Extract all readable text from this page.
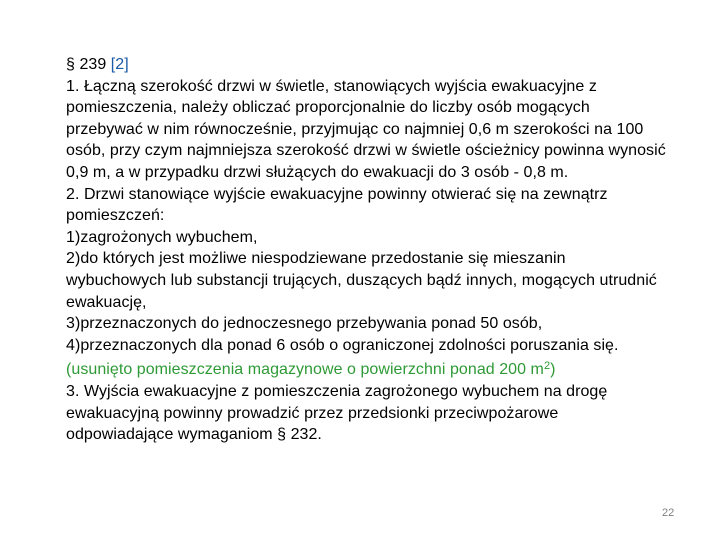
§ 239 [2]

1. Łączną szerokość drzwi w świetle, stanowiących wyjścia ewakuacyjne z pomieszczenia, należy obliczać proporcjonalnie do liczby osób mogących przebywać w nim równocześnie, przyjmując co najmniej 0,6 m szerokości na 100 osób, przy czym najmniejsza szerokość drzwi w świetle ościeżnicy powinna wynosić 0,9 m, a w przypadku drzwi służących do ewakuacji do 3 osób - 0,8 m.

2. Drzwi stanowiące wyjście ewakuacyjne powinny otwierać się na zewnątrz pomieszczeń:

1)zagrożonych wybuchem,

2)do których jest możliwe niespodziewane przedostanie się mieszanin wybuchowych lub substancji trujących, duszących bądź innych, mogących utrudnić ewakuację,

3)przeznaczonych do jednoczesnego przebywania ponad 50 osób,

4)przeznaczonych dla ponad 6 osób o ograniczonej zdolności poruszania się.

(usunięto pomieszczenia magazynowe o powierzchni ponad 200 $m^2$)

3. Wyjścia ewakuacyjne z pomieszczenia zagrożonego wybuchem na drogę ewakuacyjną powinny prowadzić przez przedsionki przeciwpożarowe odpowiadające wymaganiom § 232.

22
